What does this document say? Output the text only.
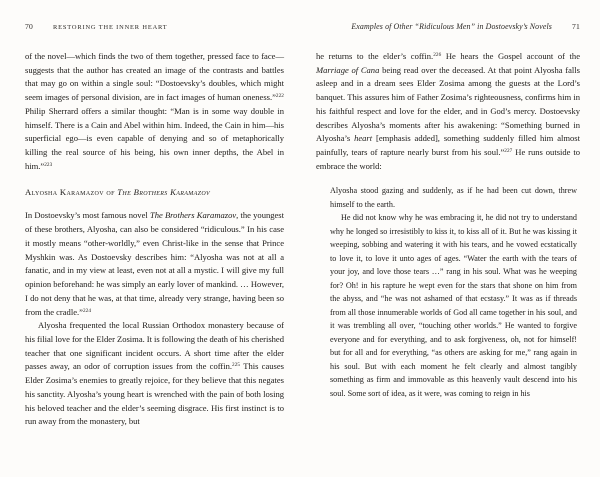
70	RESTORING THE INNER HEART

of the novel—which finds the two of them together, pressed face to face—suggests that the author has created an image of the contrasts and battles that may go on within a single soul: “Dostoevsky’s doubles, which might seem images of personal division, are in fact images of human oneness.”$^{222}$ Philip Sherrard offers a similar thought: “Man is in some way double in himself. There is a Cain and Abel within him. Indeed, the Cain in him—his superficial ego—is even capable of denying and so of metaphorically killing the real source of his being, his own inner depths, the Abel in him.”$^{223}$

Alyosha Karamazov of The Brothers Karamazov

In Dostoevsky’s most famous novel The Brothers Karamazov, the youngest of these brothers, Alyosha, can also be considered “ridiculous.” In his case it mostly means “other-worldly,” even Christ-like in the sense that Prince Myshkin was. As Dostoevsky describes him: “Alyosha was not at all a fanatic, and in my view at least, even not at all a mystic. I will give my full opinion beforehand: he was simply an early lover of mankind. … However, I do not deny that he was, at that time, already very strange, having been so from the cradle.”$^{224}$

Alyosha frequented the local Russian Orthodox monastery because of his filial love for the Elder Zosima. It is following the death of his cherished teacher that one significant incident occurs. A short time after the elder passes away, an odor of corruption issues from the coffin.$^{225}$ This causes Elder Zosima’s enemies to greatly rejoice, for they believe that this negates his sanctity. Alyosha’s young heart is wrenched with the pain of both losing his beloved teacher and the elder’s seeming disgrace. His first instinct is to run away from the monastery, but

Examples of Other “Ridiculous Men” in Dostoevsky’s Novels	71

he returns to the elder’s coffin.$^{226}$ He hears the Gospel account of the Marriage of Cana being read over the deceased. At that point Alyosha falls asleep and in a dream sees Elder Zosima among the guests at the Lord’s banquet. This assures him of Father Zosima’s righteousness, confirms him in his faithful respect and love for the elder, and in God’s mercy. Dostoevsky describes Alyosha’s moments after his awakening: “Something burned in Alyosha’s heart [emphasis added], something suddenly filled him almost painfully, tears of rapture nearly burst from his soul.”$^{227}$ He runs outside to embrace the world:

Alyosha stood gazing and suddenly, as if he had been cut down, threw himself to the earth.

He did not know why he was embracing it, he did not try to understand why he longed so irresistibly to kiss it, to kiss all of it. But he was kissing it weeping, sobbing and watering it with his tears, and he vowed ecstatically to love it, to love it unto ages of ages. “Water the earth with the tears of your joy, and love those tears …” rang in his soul. What was he weeping for? Oh! in his rapture he wept even for the stars that shone on him from the abyss, and “he was not ashamed of that ecstasy.” It was as if threads from all those innumerable worlds of God all came together in his soul, and it was trembling all over, “touching other worlds.” He wanted to forgive everyone and for everything, and to ask forgiveness, oh, not for himself! but for all and for everything, “as others are asking for me,” rang again in his soul. But with each moment he felt clearly and almost tangibly something as firm and immovable as this heavenly vault descend into his soul. Some sort of idea, as it were, was coming to reign in his
